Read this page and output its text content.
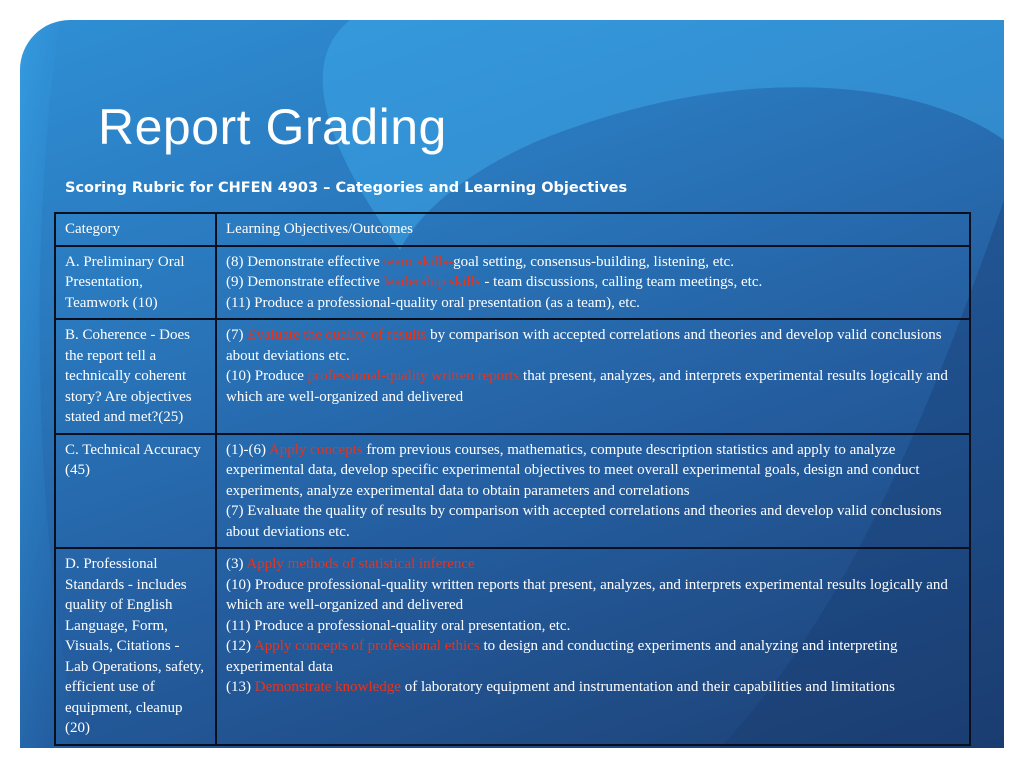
Report Grading

Scoring Rubric for CHFEN 4903 – Categories and Learning Objectives

Category	Learning Objectives/Outcomes
A. Preliminary Oral Presentation, Teamwork (10)	(8) Demonstrate effective team skills-goal setting, consensus-building, listening, etc.
(9) Demonstrate effective leadership skills - team discussions, calling team meetings, etc.
(11) Produce a professional-quality oral presentation (as a team), etc.

B. Coherence - Does the report tell a technically coherent story? Are objectives stated and met?(25)	(7) Evaluate the quality of results by comparison with accepted correlations and theories and develop valid conclusions about deviations etc.
(10) Produce professional-quality written reports that present, analyzes, and interprets experimental results logically and which are well-organized and delivered

C. Technical Accuracy (45)	(1)-(6) Apply concepts from previous courses, mathematics, compute description statistics and apply to analyze experimental data, develop specific experimental objectives to meet overall experimental goals, design and conduct experiments, analyze experimental data to obtain parameters and correlations
(7) Evaluate the quality of results by comparison with accepted correlations and theories and develop valid conclusions about deviations etc.

D. Professional Standards - includes quality of English Language, Form, Visuals, Citations - Lab Operations, safety, efficient use of equipment, cleanup (20)	(3) Apply methods of statistical inference
(10) Produce professional-quality written reports that present, analyzes, and interprets experimental results logically and which are well-organized and delivered
(11) Produce a professional-quality oral presentation, etc.
(12) Apply concepts of professional ethics to design and conducting experiments and analyzing and interpreting experimental data
(13) Demonstrate knowledge of laboratory equipment and instrumentation and their capabilities and limitations
